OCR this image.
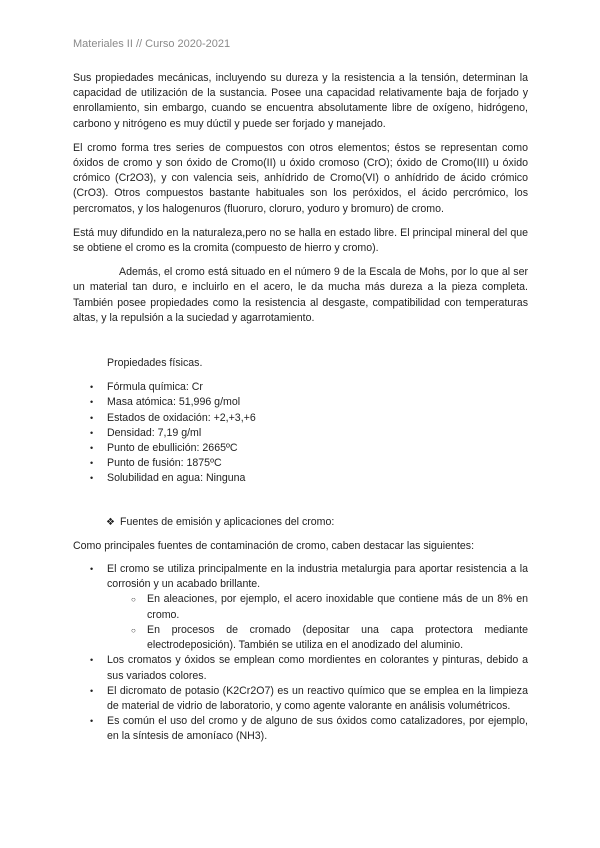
Materiales II // Curso 2020-2021

Sus propiedades mecánicas, incluyendo su dureza y la resistencia a la tensión, determinan la capacidad de utilización de la sustancia. Posee una capacidad relativamente baja de forjado y enrollamiento, sin embargo, cuando se encuentra absolutamente libre de oxígeno, hidrógeno, carbono y nitrógeno es muy dúctil y puede ser forjado y manejado.

El cromo forma tres series de compuestos con otros elementos; éstos se representan como óxidos de cromo y son óxido de Cromo(II) u óxido cromoso (CrO); óxido de Cromo(III) u óxido crómico (Cr2O3), y con valencia seis, anhídrido de Cromo(VI) o anhídrido de ácido crómico (CrO3). Otros compuestos bastante habituales son los peróxidos, el ácido percrómico, los percromatos, y los halogenuros (fluoruro, cloruro, yoduro y bromuro) de cromo.

Está muy difundido en la naturaleza,pero no se halla en estado libre. El principal mineral del que se obtiene el cromo es la cromita (compuesto de hierro y cromo).

Además, el cromo está situado en el número 9 de la Escala de Mohs, por lo que al ser un material tan duro, e incluirlo en el acero, le da mucha más dureza a la pieza completa. También posee propiedades como la resistencia al desgaste, compatibilidad con temperaturas altas, y la repulsión a la suciedad y agarrotamiento.

Propiedades físicas.

• Fórmula química: Cr
• Masa atómica: 51,996 g/mol
• Estados de oxidación: +2,+3,+6
• Densidad: 7,19 g/ml
• Punto de ebullición: 2665ºC
• Punto de fusión: 1875ºC
• Solubilidad en agua: Ninguna
❖ Fuentes de emisión y aplicaciones del cromo:

Como principales fuentes de contaminación de cromo, caben destacar las siguientes:

• El cromo se utiliza principalmente en la industria metalurgia para aportar resistencia a la corrosión y un acabado brillante.
○ En aleaciones, por ejemplo, el acero inoxidable que contiene más de un 8% en cromo.
○ En procesos de cromado (depositar una capa protectora mediante electrodeposición). También se utiliza en el anodizado del aluminio.
• Los cromatos y óxidos se emplean como mordientes en colorantes y pinturas, debido a sus variados colores.
• El dicromato de potasio (K2Cr2O7) es un reactivo químico que se emplea en la limpieza de material de vidrio de laboratorio, y como agente valorante en análisis volumétricos.
• Es común el uso del cromo y de alguno de sus óxidos como catalizadores, por ejemplo, en la síntesis de amoníaco (NH3).
